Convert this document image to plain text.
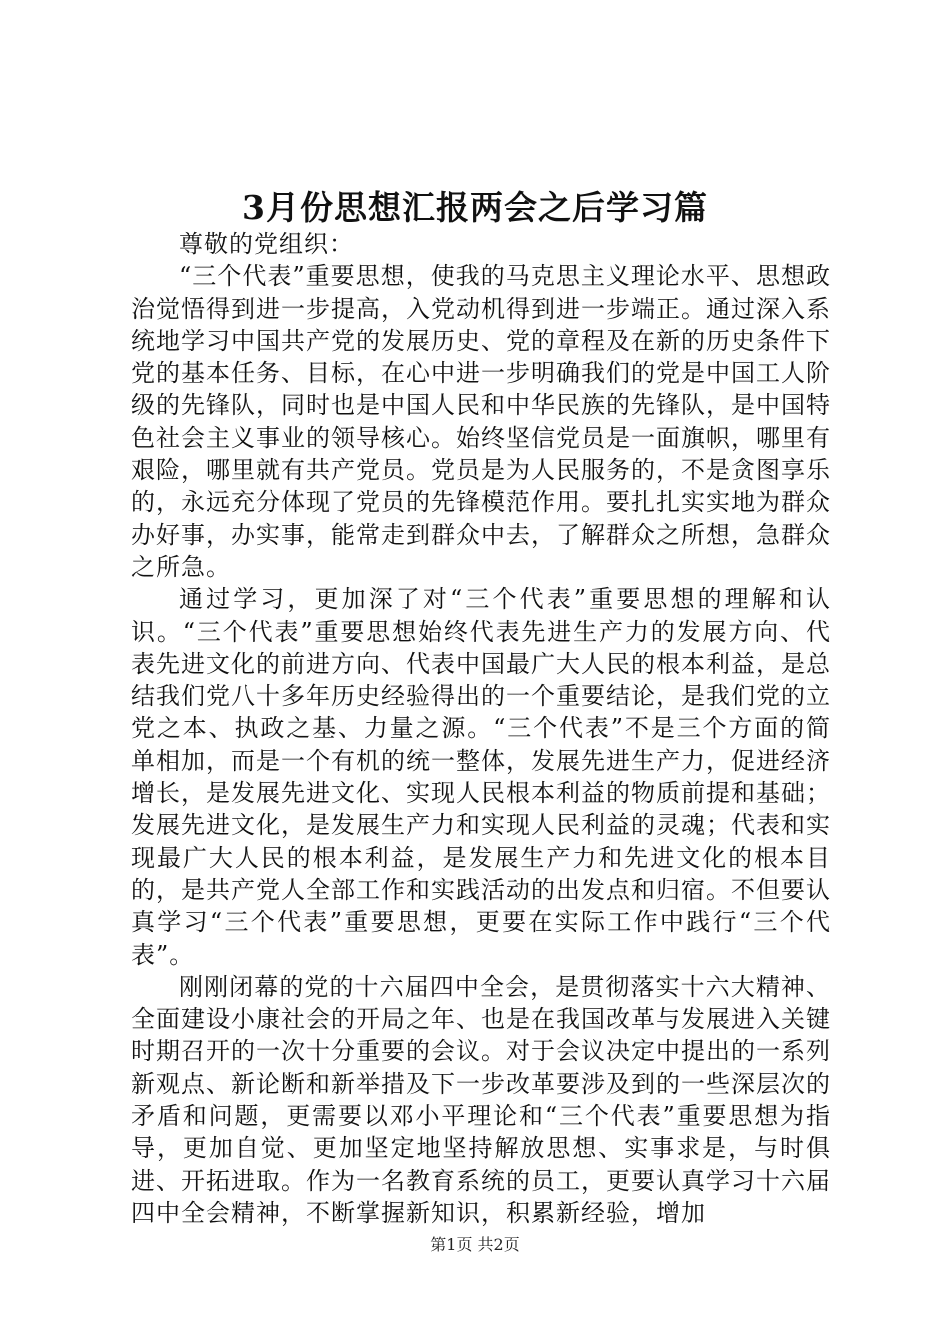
3月份思想汇报两会之后学习篇

尊敬的党组织：

“三个代表”重要思想，使我的马克思主义理论水平、思想政治觉悟得到进一步提高，入党动机得到进一步端正。通过深入系统地学习中国共产党的发展历史、党的章程及在新的历史条件下党的基本任务、目标，在心中进一步明确我们的党是中国工人阶级的先锋队，同时也是中国人民和中华民族的先锋队，是中国特色社会主义事业的领导核心。始终坚信党员是一面旗帜，哪里有艰险，哪里就有共产党员。党员是为人民服务的，不是贪图享乐的，永远充分体现了党员的先锋模范作用。要扎扎实实地为群众办好事，办实事，能常走到群众中去，了解群众之所想，急群众之所急。

通过学习，更加深了对“三个代表”重要思想的理解和认识。“三个代表”重要思想始终代表先进生产力的发展方向、代表先进文化的前进方向、代表中国最广大人民的根本利益，是总结我们党八十多年历史经验得出的一个重要结论，是我们党的立党之本、执政之基、力量之源。“三个代表”不是三个方面的简单相加，而是一个有机的统一整体，发展先进生产力，促进经济增长，是发展先进文化、实现人民根本利益的物质前提和基础；发展先进文化，是发展生产力和实现人民利益的灵魂；代表和实现最广大人民的根本利益，是发展生产力和先进文化的根本目的，是共产党人全部工作和实践活动的出发点和归宿。不但要认真学习“三个代表”重要思想，更要在实际工作中践行“三个代表”。

刚刚闭幕的党的十六届四中全会，是贯彻落实十六大精神、全面建设小康社会的开局之年、也是在我国改革与发展进入关键时期召开的一次十分重要的会议。对于会议决定中提出的一系列新观点、新论断和新举措及下一步改革要涉及到的一些深层次的矛盾和问题，更需要以邓小平理论和“三个代表”重要思想为指导，更加自觉、更加坚定地坚持解放思想、实事求是，与时俱进、开拓进取。作为一名教育系统的员工，更要认真学习十六届四中全会精神，不断掌握新知识，积累新经验，增加

第1页 共2页
